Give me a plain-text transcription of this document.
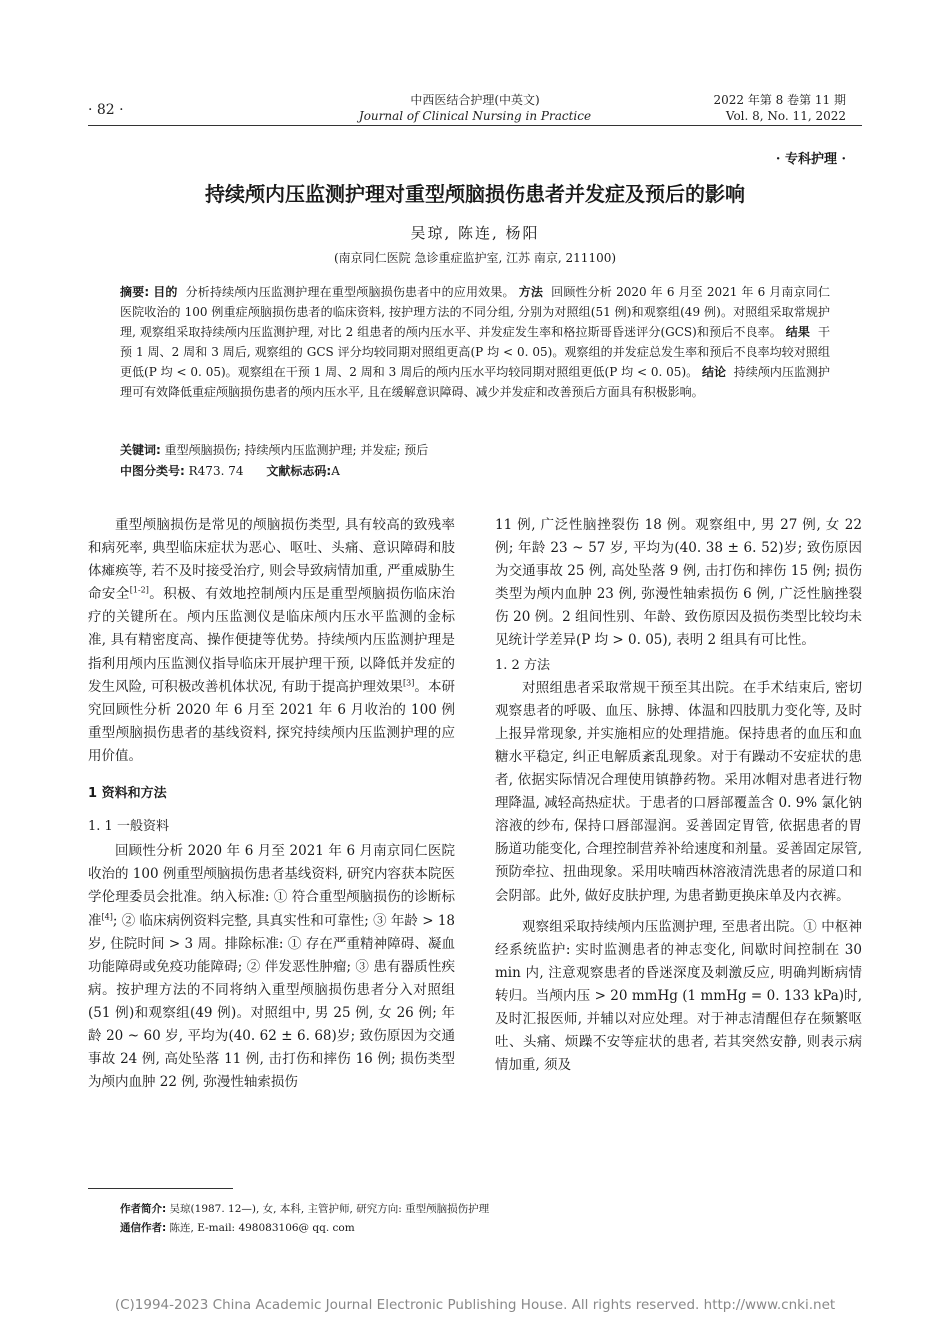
· 82 ·
中西医结合护理(中英文)
Journal of Clinical Nursing in Practice
2022 年第 8 卷第 11 期
Vol. 8, No. 11, 2022
· 专科护理 ·
持续颅内压监测护理对重型颅脑损伤患者并发症及预后的影响
吴琼, 陈连, 杨阳
(南京同仁医院 急诊重症监护室, 江苏 南京, 211100)
摘要: 目的 分析持续颅内压监测护理在重型颅脑损伤患者中的应用效果。 方法 回顾性分析 2020 年 6 月至 2021 年 6 月南京同仁医院收治的 100 例重症颅脑损伤患者的临床资料, 按护理方法的不同分组, 分别为对照组(51 例)和观察组(49 例)。对照组采取常规护理, 观察组采取持续颅内压监测护理, 对比 2 组患者的颅内压水平、并发症发生率和格拉斯哥昏迷评分(GCS)和预后不良率。 结果 干预 1 周、2 周和 3 周后, 观察组的 GCS 评分均较同期对照组更高(P 均 < 0. 05)。观察组的并发症总发生率和预后不良率均较对照组更低(P 均 < 0. 05)。观察组在干预 1 周、2 周和 3 周后的颅内压水平均较同期对照组更低(P 均 < 0. 05)。 结论 持续颅内压监测护理可有效降低重症颅脑损伤患者的颅内压水平, 且在缓解意识障碍、减少并发症和改善预后方面具有积极影响。
关键词: 重型颅脑损伤; 持续颅内压监测护理; 并发症; 预后
中图分类号: R473. 74 文献标志码:A

重型颅脑损伤是常见的颅脑损伤类型, 具有较高的致残率和病死率, 典型临床症状为恶心、呕吐、头痛、意识障碍和肢体瘫痪等, 若不及时接受治疗, 则会导致病情加重, 严重威胁生命安全[1-2]。积极、有效地控制颅内压是重型颅脑损伤临床治疗的关键所在。颅内压监测仪是临床颅内压水平监测的金标准, 具有精密度高、操作便捷等优势。持续颅内压监测护理是指利用颅内压监测仪指导临床开展护理干预, 以降低并发症的发生风险, 可积极改善机体状况, 有助于提高护理效果[3]。本研究回顾性分析 2020 年 6 月至 2021 年 6 月收治的 100 例重型颅脑损伤患者的基线资料, 探究持续颅内压监测护理的应用价值。

1 资料和方法

1. 1 一般资料

回顾性分析 2020 年 6 月至 2021 年 6 月南京同仁医院收治的 100 例重型颅脑损伤患者基线资料, 研究内容获本院医学伦理委员会批准。纳入标准: ① 符合重型颅脑损伤的诊断标准[4]; ② 临床病例资料完整, 具真实性和可靠性; ③ 年龄 > 18 岁, 住院时间 > 3 周。排除标准: ① 存在严重精神障碍、凝血功能障碍或免疫功能障碍; ② 伴发恶性肿瘤; ③ 患有器质性疾病。按护理方法的不同将纳入重型颅脑损伤患者分入对照组(51 例)和观察组(49 例)。对照组中, 男 25 例, 女 26 例; 年龄 20 ~ 60 岁, 平均为(40. 62 ± 6. 68)岁; 致伤原因为交通事故 24 例, 高处坠落 11 例, 击打伤和摔伤 16 例; 损伤类型为颅内血肿 22 例, 弥漫性轴索损伤

11 例, 广泛性脑挫裂伤 18 例。观察组中, 男 27 例, 女 22 例; 年龄 23 ~ 57 岁, 平均为(40. 38 ± 6. 52)岁; 致伤原因为交通事故 25 例, 高处坠落 9 例, 击打伤和摔伤 15 例; 损伤类型为颅内血肿 23 例, 弥漫性轴索损伤 6 例, 广泛性脑挫裂伤 20 例。2 组间性别、年龄、致伤原因及损伤类型比较均未见统计学差异(P 均 > 0. 05), 表明 2 组具有可比性。

1. 2 方法

对照组患者采取常规干预至其出院。在手术结束后, 密切观察患者的呼吸、血压、脉搏、体温和四肢肌力变化等, 及时上报异常现象, 并实施相应的处理措施。保持患者的血压和血糖水平稳定, 纠正电解质紊乱现象。对于有躁动不安症状的患者, 依据实际情况合理使用镇静药物。采用冰帽对患者进行物理降温, 减轻高热症状。于患者的口唇部覆盖含 0. 9% 氯化钠溶液的纱布, 保持口唇部湿润。妥善固定胃管, 依据患者的胃肠道功能变化, 合理控制营养补给速度和剂量。妥善固定尿管, 预防牵拉、扭曲现象。采用呋喃西林溶液清洗患者的尿道口和会阴部。此外, 做好皮肤护理, 为患者勤更换床单及内衣裤。

观察组采取持续颅内压监测护理, 至患者出院。① 中枢神经系统监护: 实时监测患者的神志变化, 间歇时间控制在 30 min 内, 注意观察患者的昏迷深度及刺激反应, 明确判断病情转归。当颅内压 > 20 mmHg (1 mmHg = 0. 133 kPa)时, 及时汇报医师, 并辅以对应处理。对于神志清醒但存在频繁呕吐、头痛、烦躁不安等症状的患者, 若其突然安静, 则表示病情加重, 须及

作者简介: 吴琼(1987. 12—), 女, 本科, 主管护师, 研究方向: 重型颅脑损伤护理
通信作者: 陈连, E-mail: 498083106@ qq. com
(C)1994-2023 China Academic Journal Electronic Publishing House. All rights reserved. http://www.cnki.net
